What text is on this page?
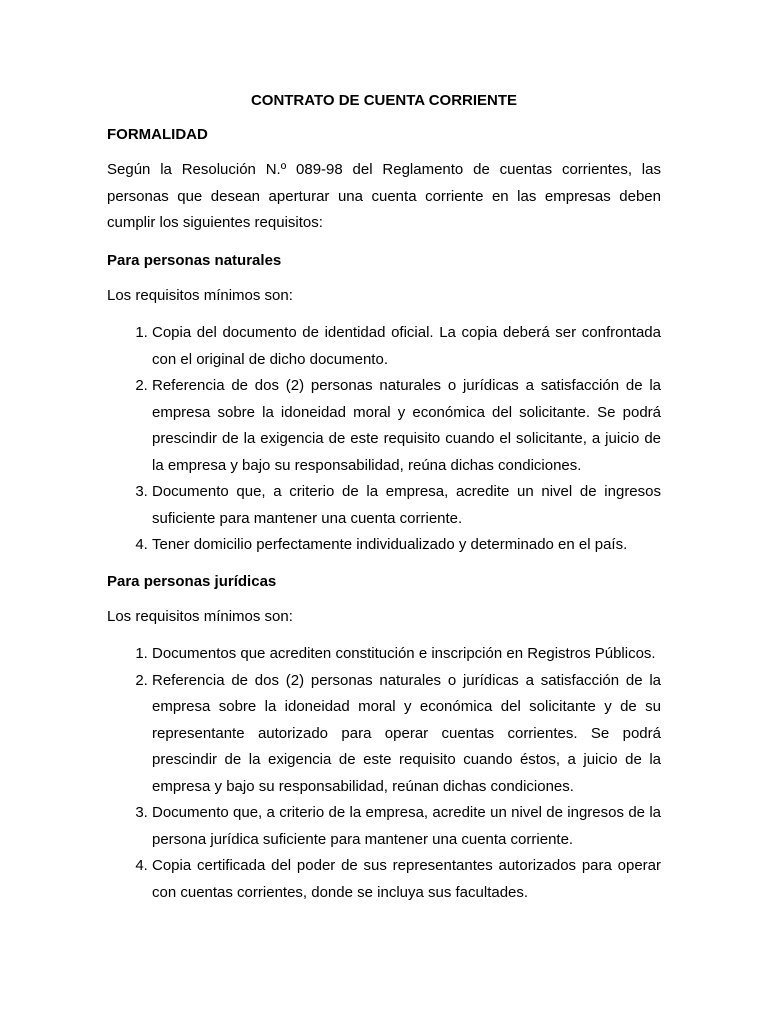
CONTRATO DE CUENTA CORRIENTE
FORMALIDAD

Según la Resolución N.º 089-98 del Reglamento de cuentas corrientes, las personas que desean aperturar una cuenta corriente en las empresas deben cumplir los siguientes requisitos:

Para personas naturales

Los requisitos mínimos son:

1. Copia del documento de identidad oficial. La copia deberá ser confrontada con el original de dicho documento.
2. Referencia de dos (2) personas naturales o jurídicas a satisfacción de la empresa sobre la idoneidad moral y económica del solicitante. Se podrá prescindir de la exigencia de este requisito cuando el solicitante, a juicio de la empresa y bajo su responsabilidad, reúna dichas condiciones.
3. Documento que, a criterio de la empresa, acredite un nivel de ingresos suficiente para mantener una cuenta corriente.
4. Tener domicilio perfectamente individualizado y determinado en el país.
Para personas jurídicas

Los requisitos mínimos son:

1. Documentos que acrediten constitución e inscripción en Registros Públicos.
2. Referencia de dos (2) personas naturales o jurídicas a satisfacción de la empresa sobre la idoneidad moral y económica del solicitante y de su representante autorizado para operar cuentas corrientes. Se podrá prescindir de la exigencia de este requisito cuando éstos, a juicio de la empresa y bajo su responsabilidad, reúnan dichas condiciones.
3. Documento que, a criterio de la empresa, acredite un nivel de ingresos de la persona jurídica suficiente para mantener una cuenta corriente.
4. Copia certificada del poder de sus representantes autorizados para operar con cuentas corrientes, donde se incluya sus facultades.
